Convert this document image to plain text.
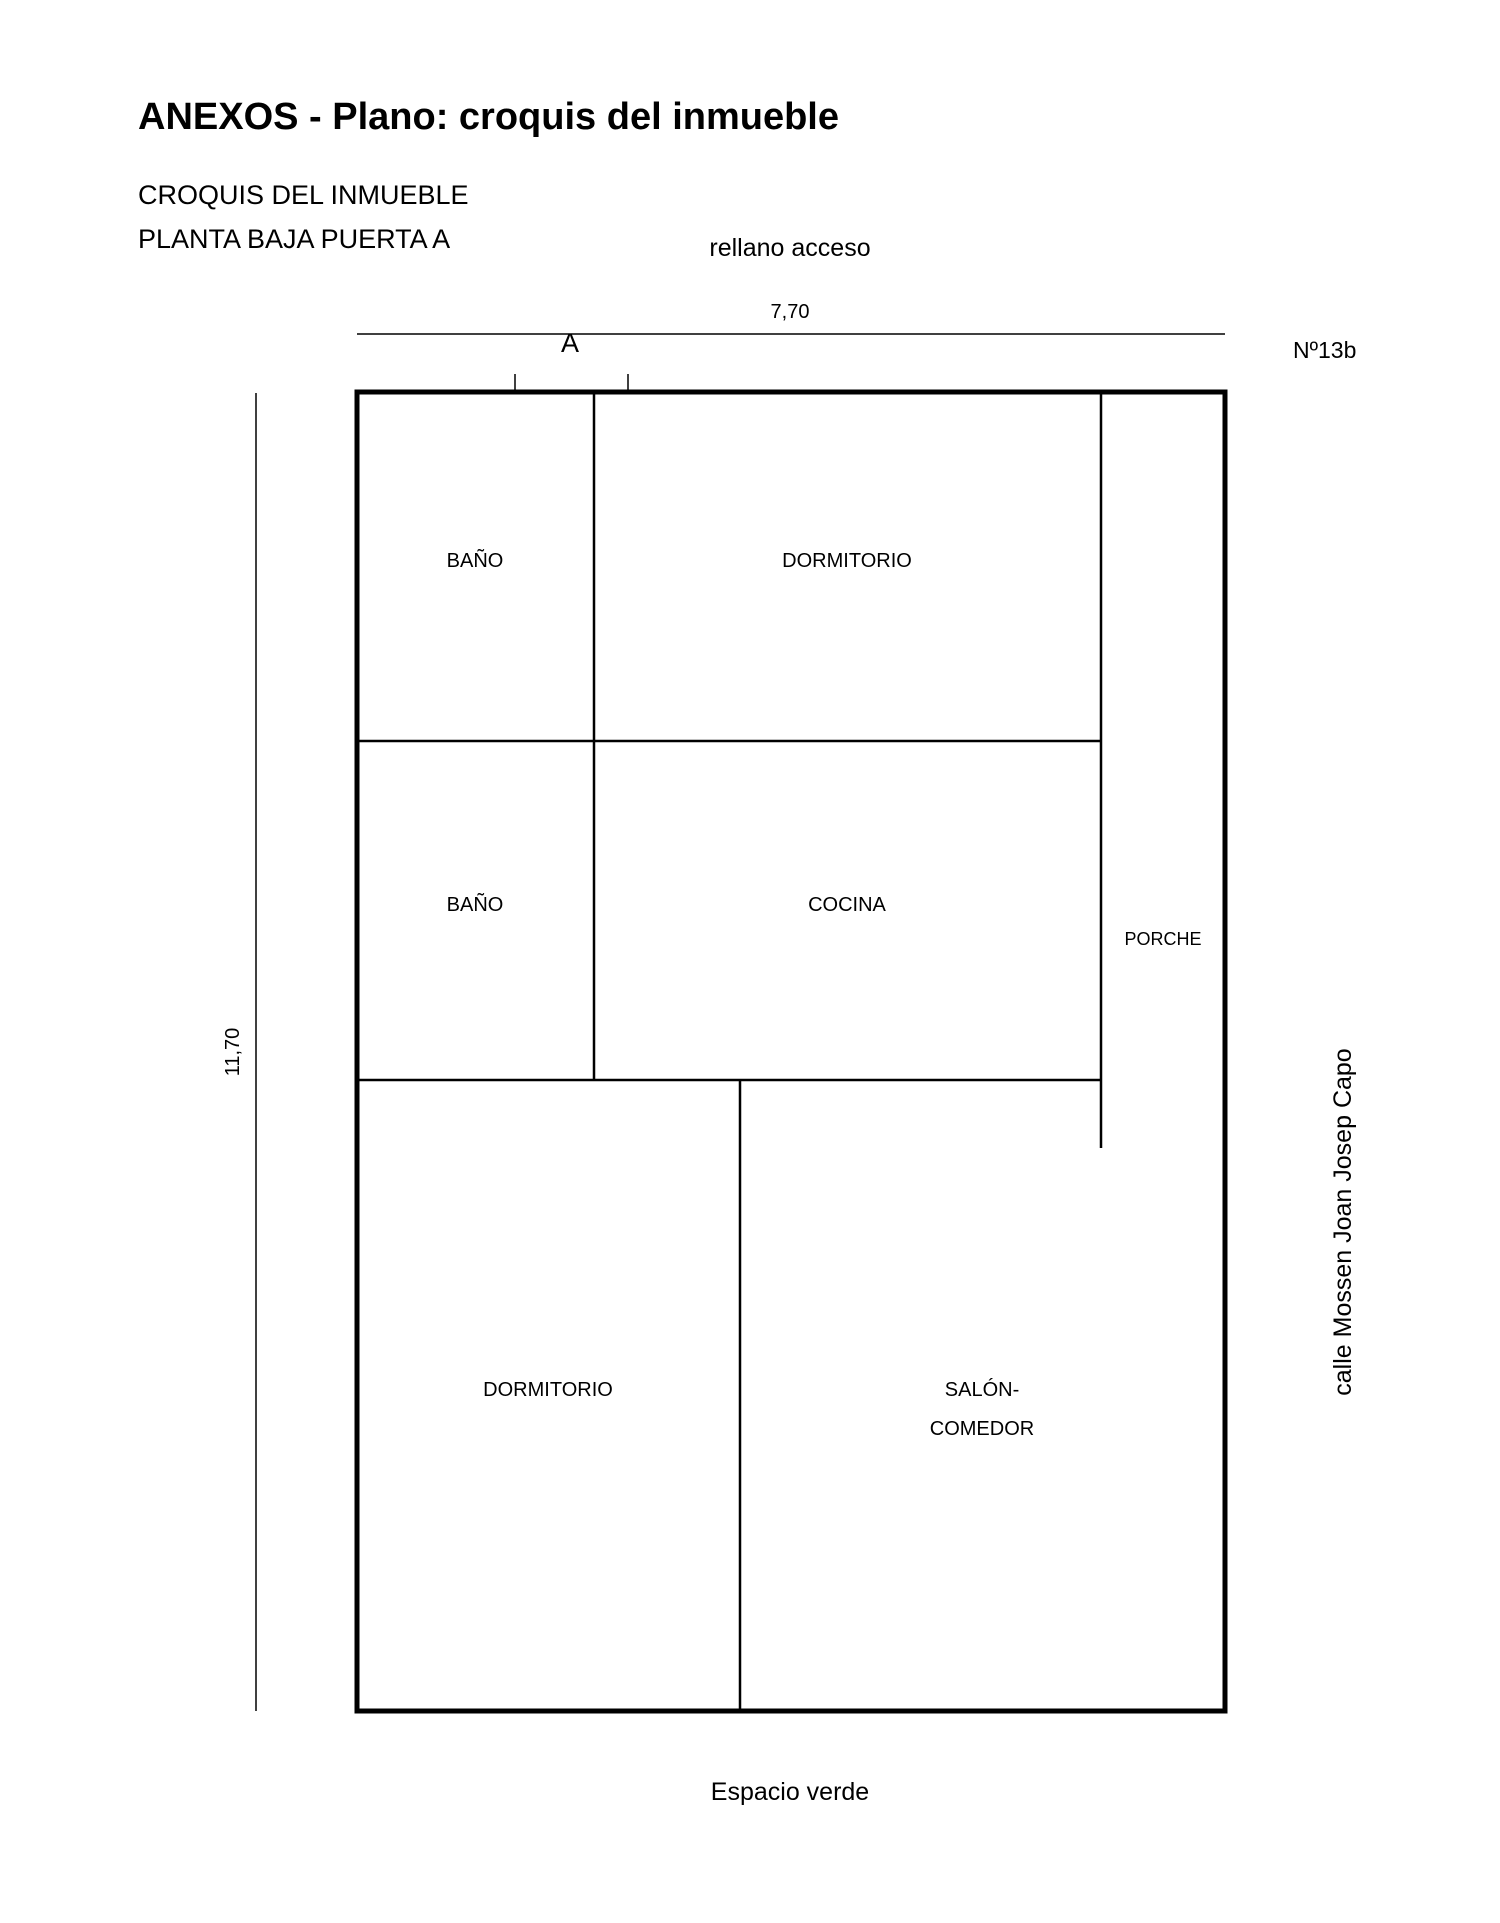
ANEXOS - Plano: croquis del inmueble
CROQUIS DEL INMUEBLE
PLANTA BAJA PUERTA A	rellano acceso
7,70
Nº13b
A
11,70
BAÑO	DORMITORIO
BAÑO	COCINA
PORCHE
DORMITORIO	SALÓN-
COMEDOR
Espacio verde
calle Mossen Joan Josep Capo
